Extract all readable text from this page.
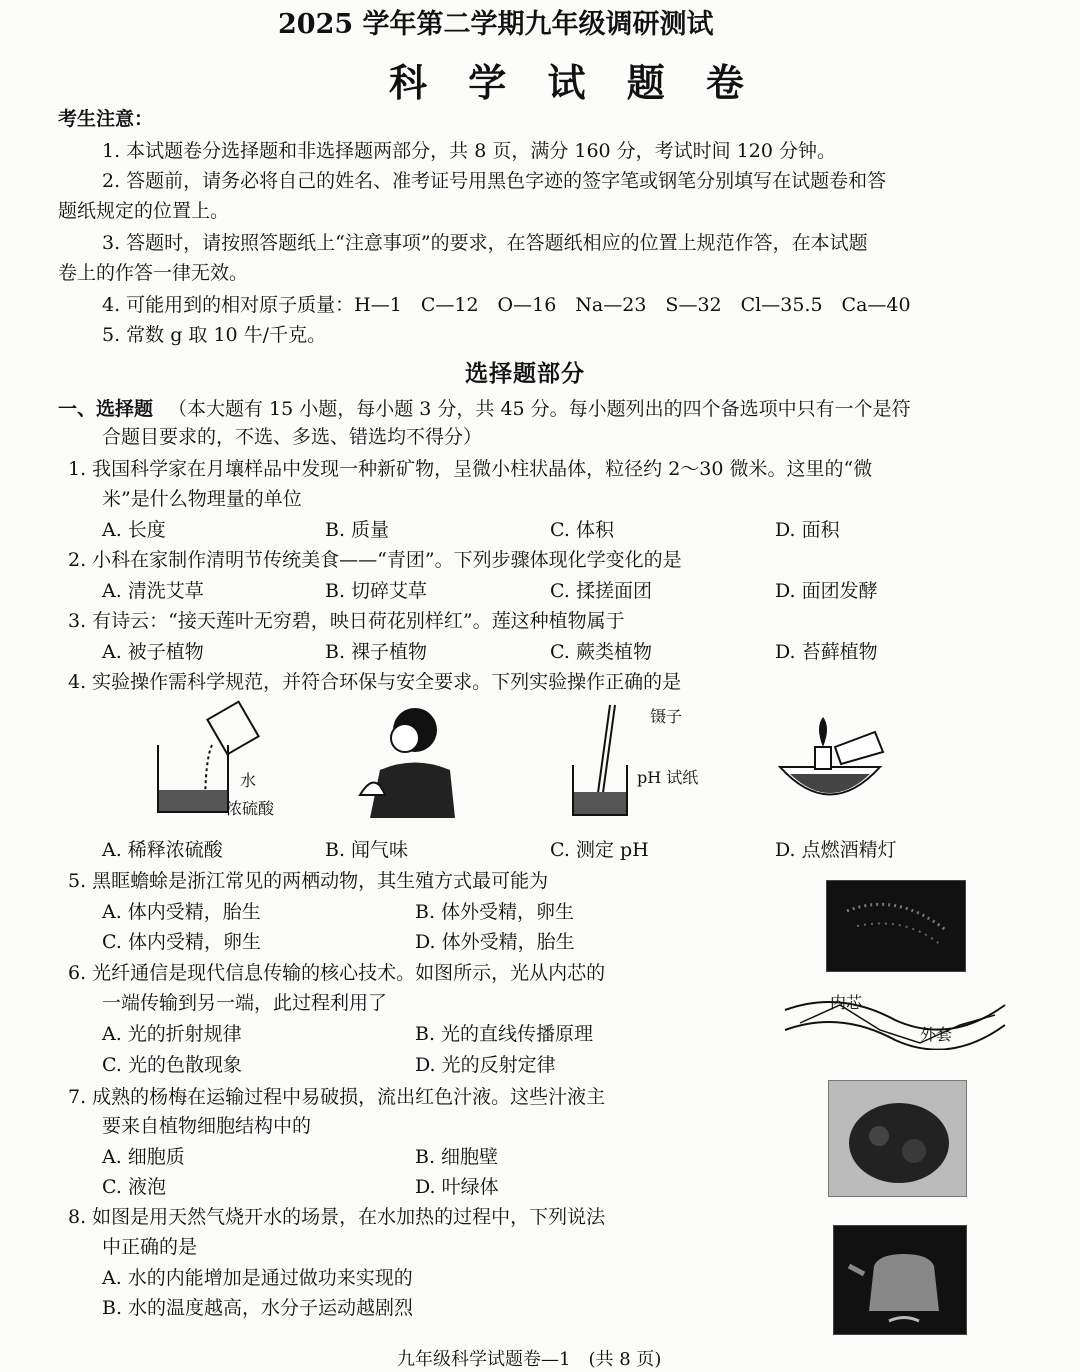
2025 学年第二学期九年级调研测试
科 学 试 题 卷
考生注意：
1. 本试题卷分选择题和非选择题两部分，共 8 页，满分 160 分，考试时间 120 分钟。
2. 答题前，请务必将自己的姓名、准考证号用黑色字迹的签字笔或钢笔分别填写在试题卷和答
题纸规定的位置上。
3. 答题时，请按照答题纸上“注意事项”的要求，在答题纸相应的位置上规范作答，在本试题
卷上的作答一律无效。
4. 可能用到的相对原子质量：H—1　C—12　O—16　Na—23　S—32　Cl—35.5　Ca—40
5. 常数 g 取 10 牛/千克。
选择题部分
一、选择题 （本大题有 15 小题，每小题 3 分，共 45 分。每小题列出的四个备选项中只有一个是符
合题目要求的，不选、多选、错选均不得分）
1. 我国科学家在月壤样品中发现一种新矿物，呈微小柱状晶体，粒径约 2～30 微米。这里的“微
米”是什么物理量的单位
A. 长度	B. 质量	C. 体积	D. 面积
2. 小科在家制作清明节传统美食——“青团”。下列步骤体现化学变化的是
A. 清洗艾草	B. 切碎艾草	C. 揉搓面团	D. 面团发酵
3. 有诗云：“接天莲叶无穷碧，映日荷花别样红”。莲这种植物属于
A. 被子植物	B. 裸子植物	C. 蕨类植物	D. 苔藓植物
4. 实验操作需科学规范，并符合环保与安全要求。下列实验操作正确的是
水
浓硫酸
镊子
pH 试纸
A. 稀释浓硫酸	B. 闻气味	C. 测定 pH	D. 点燃酒精灯
5. 黑眶蟾蜍是浙江常见的两栖动物，其生殖方式最可能为
A. 体内受精，胎生	B. 体外受精，卵生
C. 体内受精，卵生	D. 体外受精，胎生
6. 光纤通信是现代信息传输的核心技术。如图所示，光从内芯的
一端传输到另一端，此过程利用了
A. 光的折射规律	B. 光的直线传播原理
C. 光的色散现象	D. 光的反射定律
内芯
外套
7. 成熟的杨梅在运输过程中易破损，流出红色汁液。这些汁液主
要来自植物细胞结构中的
A. 细胞质	B. 细胞壁
C. 液泡	D. 叶绿体
8. 如图是用天然气烧开水的场景，在水加热的过程中，下列说法
中正确的是
A. 水的内能增加是通过做功来实现的
B. 水的温度越高，水分子运动越剧烈
九年级科学试题卷—1　(共 8 页)
